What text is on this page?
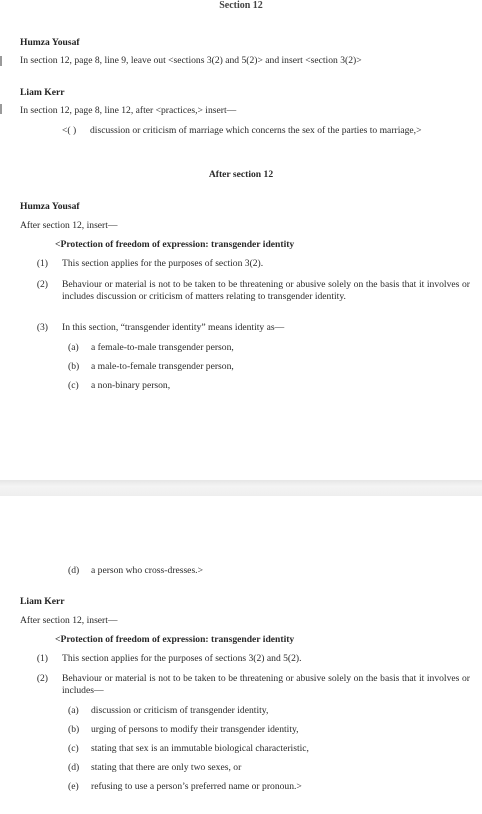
Section 12
Humza Yousaf
In section 12, page 8, line 9, leave out <sections 3(2) and 5(2)> and insert <section 3(2)>
Liam Kerr
In section 12, page 8, line 12, after <practices,> insert—
<( ) discussion or criticism of marriage which concerns the sex of the parties to marriage,>
After section 12
Humza Yousaf
After section 12, insert—
<Protection of freedom of expression: transgender identity
(1) This section applies for the purposes of section 3(2).
(2) Behaviour or material is not to be taken to be threatening or abusive solely on the basis that it involves or includes discussion or criticism of matters relating to transgender identity.
(3) In this section, “transgender identity” means identity as—
(a) a female-to-male transgender person,
(b) a male-to-female transgender person,
(c) a non-binary person,
(d) a person who cross-dresses.>
Liam Kerr
After section 12, insert—
<Protection of freedom of expression: transgender identity
(1) This section applies for the purposes of sections 3(2) and 5(2).
(2) Behaviour or material is not to be taken to be threatening or abusive solely on the basis that it involves or includes—
(a) discussion or criticism of transgender identity,
(b) urging of persons to modify their transgender identity,
(c) stating that sex is an immutable biological characteristic,
(d) stating that there are only two sexes, or
(e) refusing to use a person’s preferred name or pronoun.>
